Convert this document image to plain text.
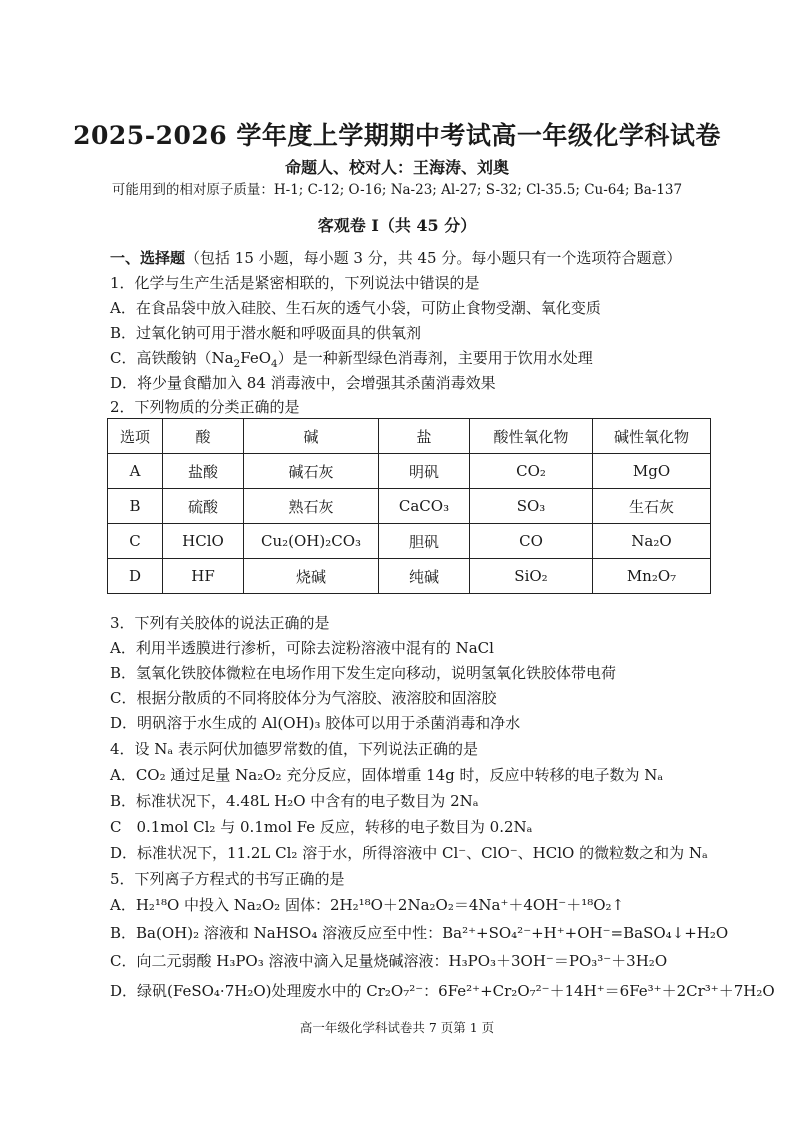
2025-2026 学年度上学期期中考试高一年级化学科试卷
命题人、校对人：王海涛、刘奥
可能用到的相对原子质量：H-1; C-12; O-16; Na-23; Al-27; S-32; Cl-35.5; Cu-64; Ba-137
客观卷 I（共 45 分）
一、选择题（包括 15 小题，每小题 3 分，共 45 分。每小题只有一个选项符合题意）
1．化学与生产生活是紧密相联的，下列说法中错误的是
A．在食品袋中放入硅胶、生石灰的透气小袋，可防止食物受潮、氧化变质
B．过氧化钠可用于潜水艇和呼吸面具的供氧剂
C．高铁酸钠$(Na_2FeO_4)$是一种新型绿色消毒剂，主要用于饮用水处理
D．将少量食醋加入 84 消毒液中，会增强其杀菌消毒效果
2．下列物质的分类正确的是
选项	酸	碱	盐	酸性氧化物	碱性氧化物
A	盐酸	碱石灰	明矾	CO₂	MgO
B	硫酸	熟石灰	CaCO₃	SO₃	生石灰
C	HClO	Cu₂(OH)₂CO₃	胆矾	CO	Na₂O
D	HF	烧碱	纯碱	SiO₂	Mn₂O₇
3．下列有关胶体的说法正确的是
A．利用半透膜进行渗析，可除去淀粉溶液中混有的 NaCl
B．氢氧化铁胶体微粒在电场作用下发生定向移动，说明氢氧化铁胶体带电荷
C．根据分散质的不同将胶体分为气溶胶、液溶胶和固溶胶
D．明矾溶于水生成的 Al(OH)₃ 胶体可以用于杀菌消毒和净水
4．设 Nₐ 表示阿伏加德罗常数的值，下列说法正确的是
A．CO₂ 通过足量 Na₂O₂ 充分反应，固体增重 14g 时，反应中转移的电子数为 Nₐ
B．标准状况下，4.48L H₂O 中含有的电子数目为 2Nₐ
C　0.1mol Cl₂ 与 0.1mol Fe 反应，转移的电子数目为 0.2Nₐ
D．标准状况下，11.2L Cl₂ 溶于水，所得溶液中 Cl⁻、ClO⁻、HClO 的微粒数之和为 Nₐ
5．下列离子方程式的书写正确的是
A．H₂¹⁸O 中投入 Na₂O₂ 固体：2H₂¹⁸O＋2Na₂O₂＝4Na⁺＋4OH⁻＋¹⁸O₂↑
B．Ba(OH)₂ 溶液和 NaHSO₄ 溶液反应至中性：Ba²⁺+SO₄²⁻+H⁺+OH⁻=BaSO₄↓+H₂O
C．向二元弱酸 H₃PO₃ 溶液中滴入足量烧碱溶液：H₃PO₃＋3OH⁻＝PO₃³⁻＋3H₂O
D．绿矾(FeSO₄·7H₂O)处理废水中的 Cr₂O₇²⁻：6Fe²⁺+Cr₂O₇²⁻＋14H⁺＝6Fe³⁺＋2Cr³⁺＋7H₂O
高一年级化学科试卷共 7 页第 1 页
